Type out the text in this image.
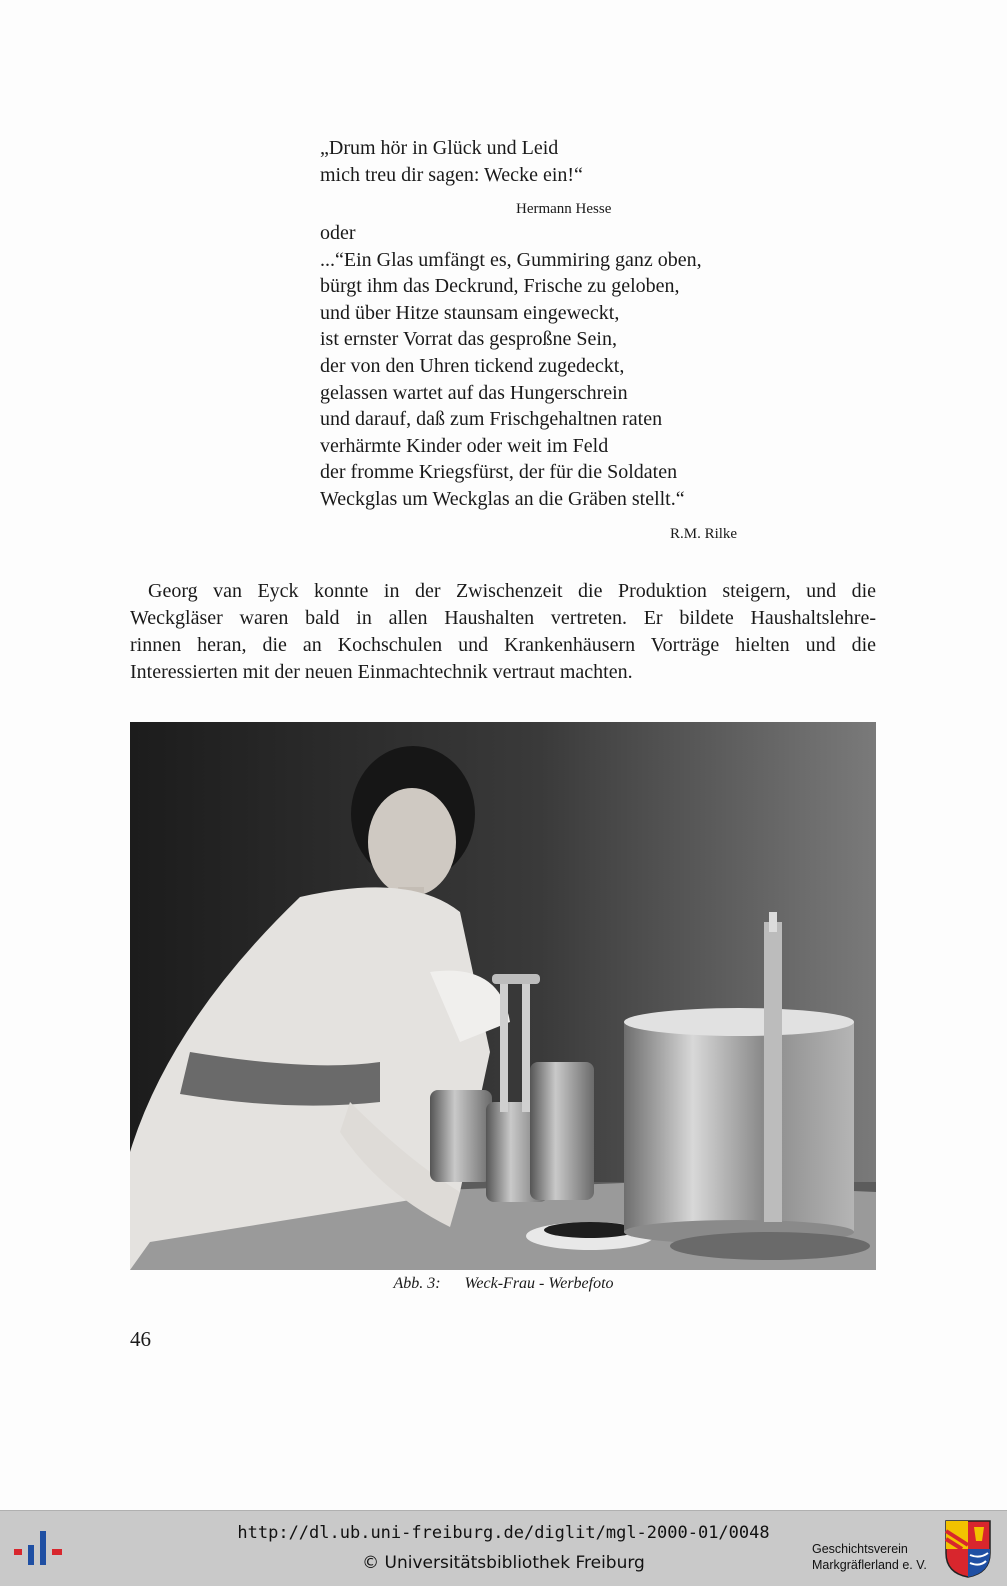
„Drum hör in Glück und Leid
mich treu dir sagen: Wecke ein!“
Hermann Hesse
oder
...“Ein Glas umfängt es, Gummiring ganz oben,
bürgt ihm das Deckrund, Frische zu geloben,
und über Hitze staunsam eingeweckt,
ist ernster Vorrat das gesproßne Sein,
der von den Uhren tickend zugedeckt,
gelassen wartet auf das Hungerschrein
und darauf, daß zum Frischgehaltnen raten
verhärmte Kinder oder weit im Feld
der fromme Kriegsfürst, der für die Soldaten
Weckglas um Weckglas an die Gräben stellt.“
R.M. Rilke
Georg van Eyck konnte in der Zwischenzeit die Produktion steigern, und die
Weckgläser waren bald in allen Haushalten vertreten. Er bildete Haushaltslehre-
rinnen heran, die an Kochschulen und Krankenhäusern Vorträge hielten und die
Interessierten mit der neuen Einmachtechnik vertraut machten.
Abb. 3: Weck-Frau - Werbefoto
46
http://dl.ub.uni-freiburg.de/diglit/mgl-2000-01/0048
© Universitätsbibliothek Freiburg
Geschichtsverein
Markgräflerland e. V.
